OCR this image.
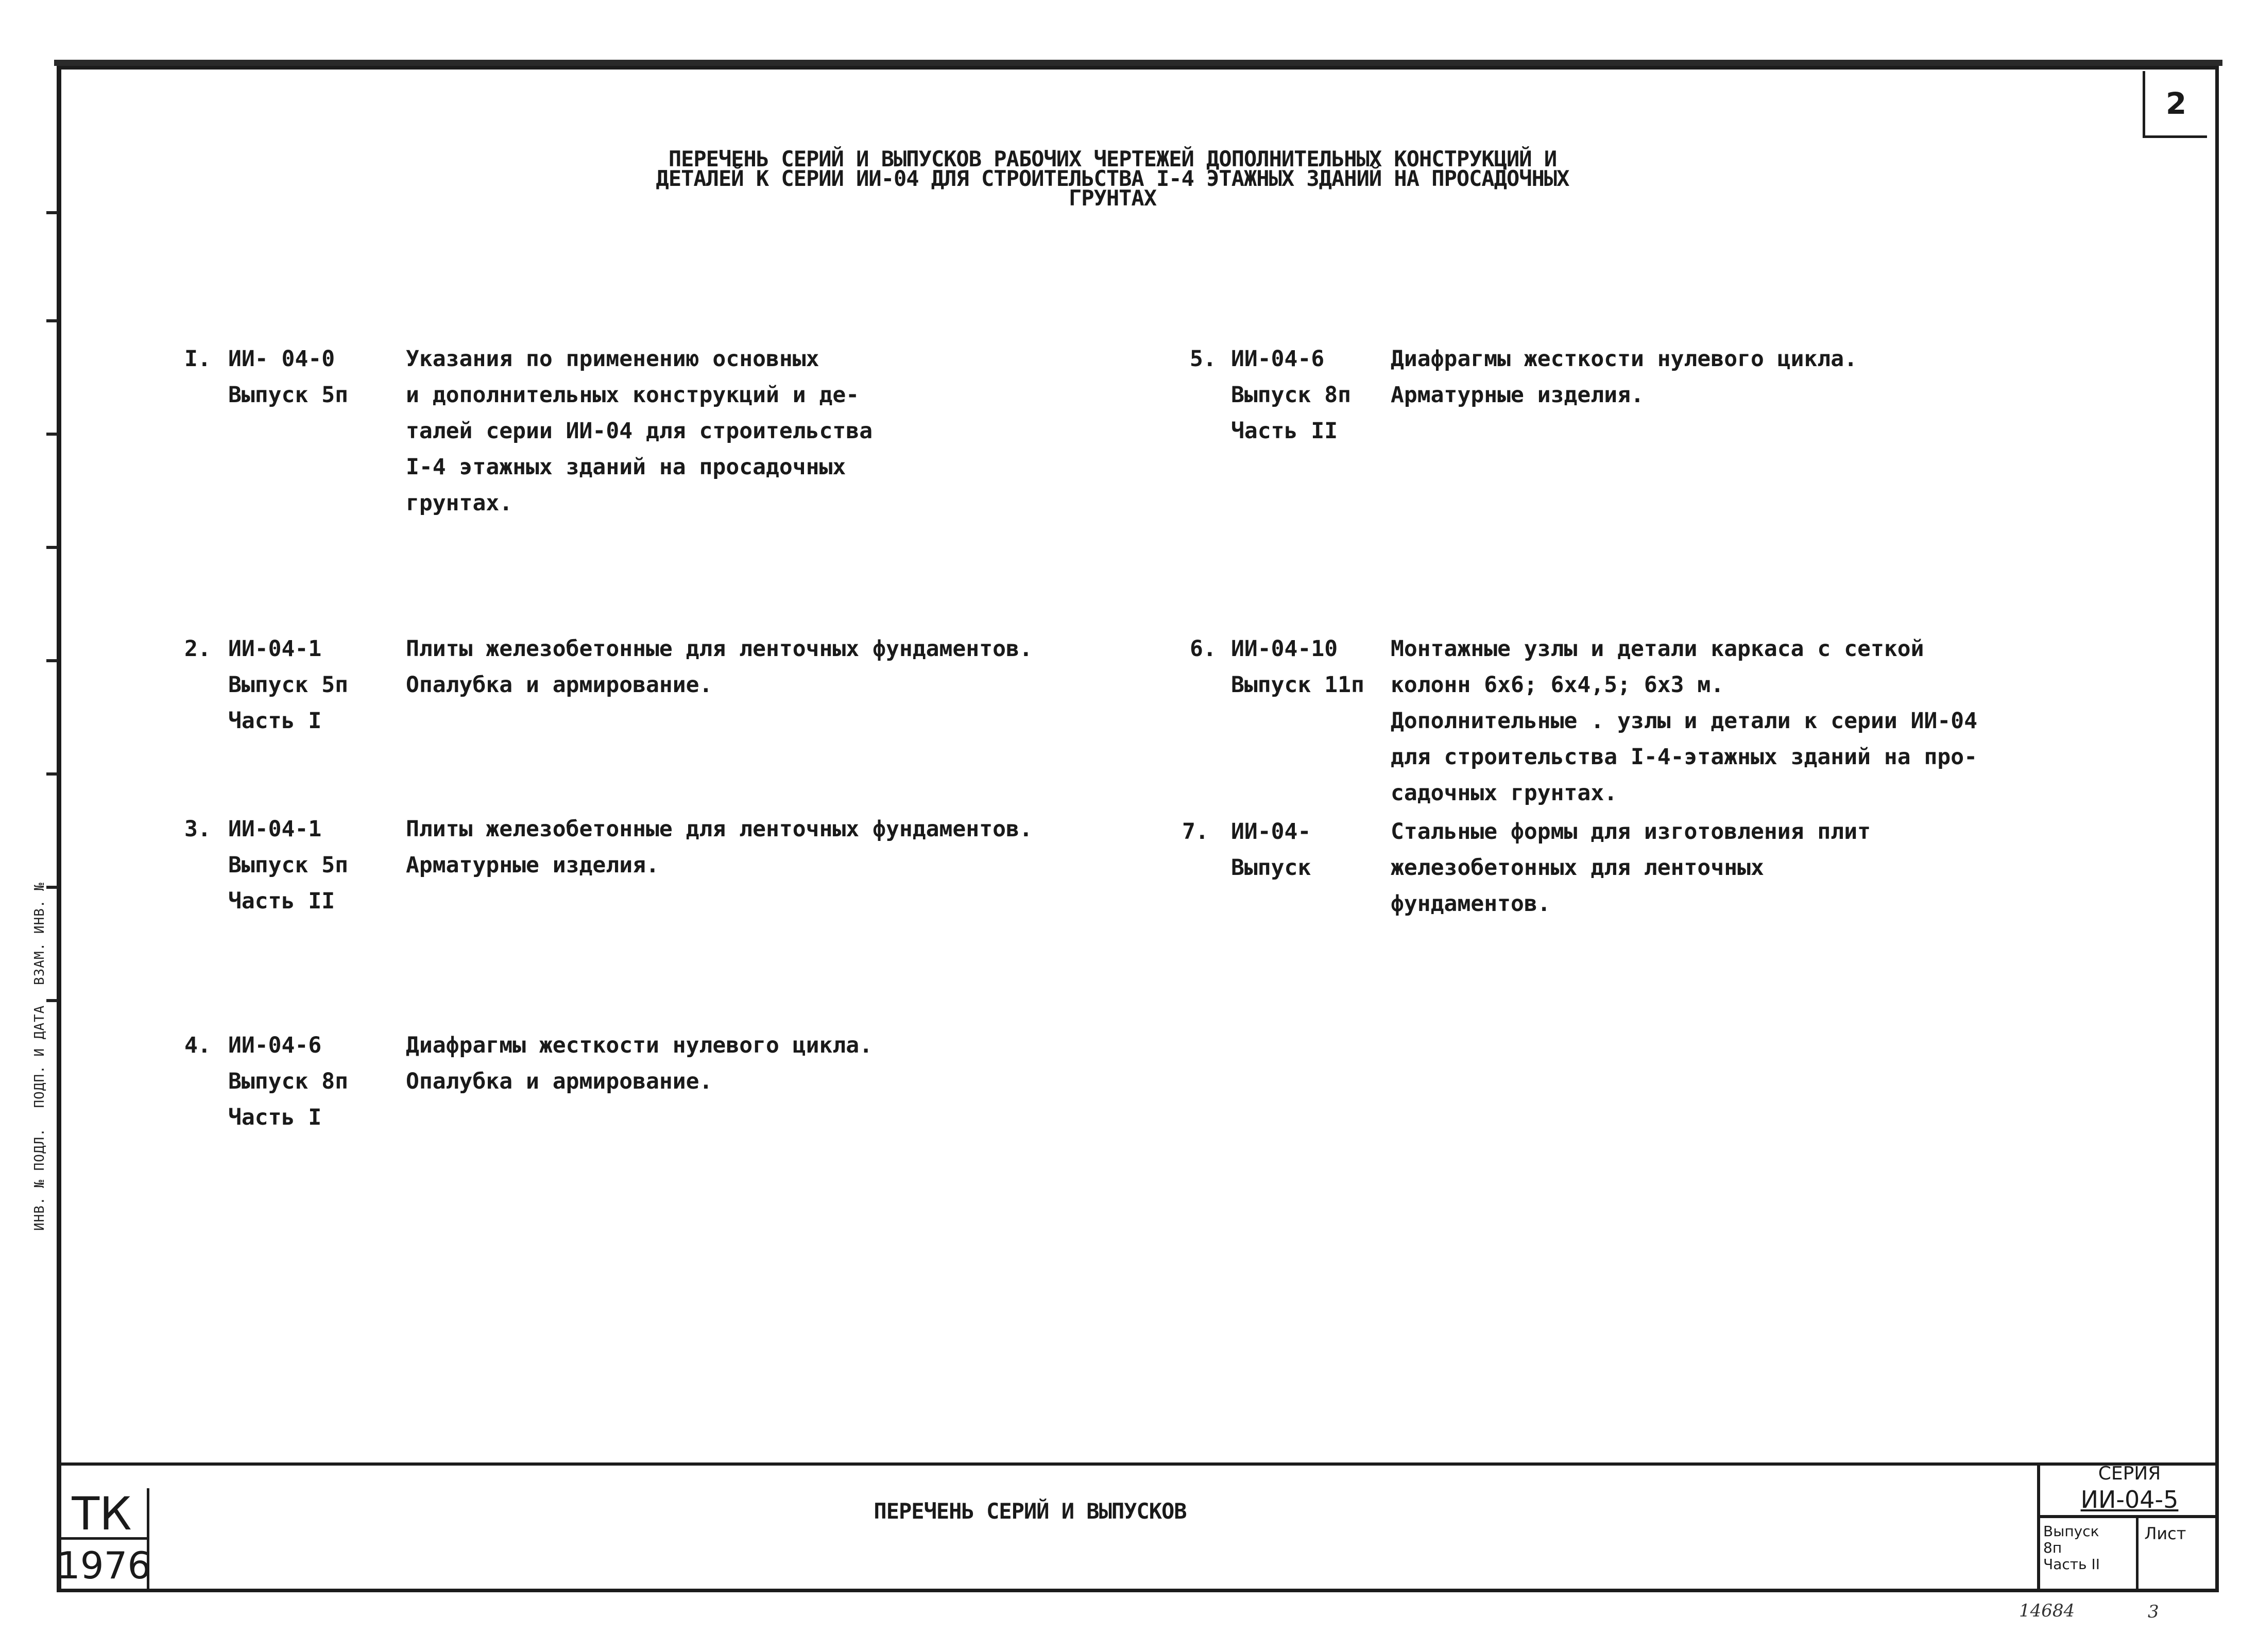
ИНВ. № ПОДЛ. ПОДП. И ДАТА ВЗАМ. ИНВ. №
2
ПЕРЕЧЕНЬ СЕРИЙ И ВЫПУСКОВ РАБОЧИХ ЧЕРТЕЖЕЙ ДОПОЛНИТЕЛЬНЫХ КОНСТРУКЦИЙ И
ДЕТАЛЕЙ К СЕРИИ ИИ-04 ДЛЯ СТРОИТЕЛЬСТВА I-4 ЭТАЖНЫХ ЗДАНИЙ НА ПРОСАДОЧНЫХ
ГРУНТАХ
I. ИИ- 04-0
Выпуск 5п
Указания по применению основных
и дополнительных конструкций и де-
талей серии ИИ-04 для строительства
I-4 этажных зданий на просадочных
грунтах.
2. ИИ-04-1
Выпуск 5п
Часть I
Плиты железобетонные для ленточных фундаментов.
Опалубка и армирование.
3. ИИ-04-1
Выпуск 5п
Часть II
Плиты железобетонные для ленточных фундаментов.
Арматурные изделия.
4. ИИ-04-6
Выпуск 8п
Часть I
Диафрагмы жесткости нулевого цикла.
Опалубка и армирование.
5. ИИ-04-6
Выпуск 8п
Часть II
Диафрагмы жесткости нулевого цикла.
Арматурные изделия.
6. ИИ-04-10
Выпуск 11п
Монтажные узлы и детали каркаса с сеткой
колонн 6х6; 6х4,5; 6х3 м.
Дополнительные . узлы и детали к серии ИИ-04
для строительства I-4-этажных зданий на про-
садочных грунтах.
7. ИИ-04-
Выпуск
Стальные формы для изготовления плит
железобетонных для ленточных
фундаментов.
ТК
1976
ПЕРЕЧЕНЬ СЕРИЙ И ВЫПУСКОВ
СЕРИЯ
ИИ-04-5
Выпуск
8п
Часть II
Лист
14684	3
